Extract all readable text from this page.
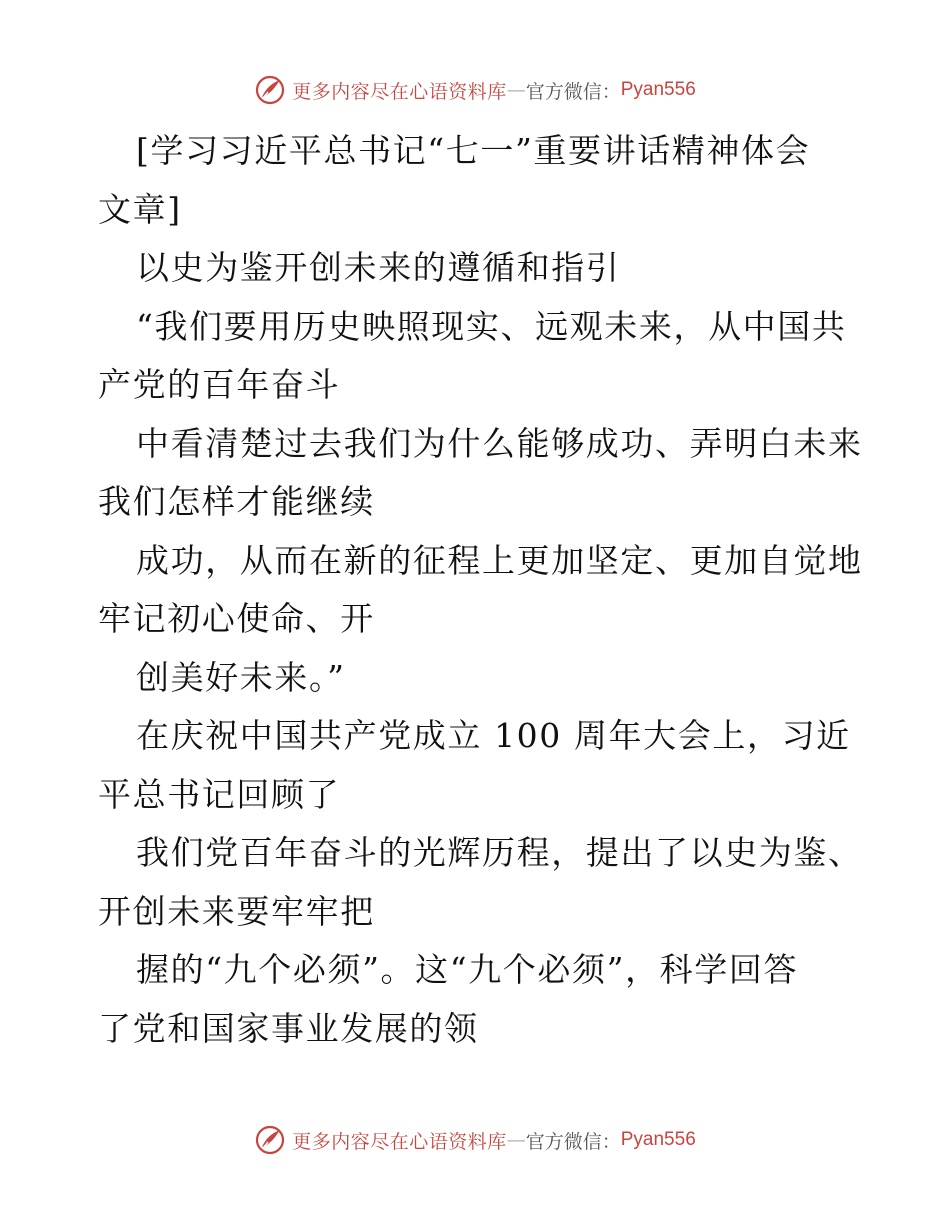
更多内容尽在心语资料库 — 官方微信： Pyan556

[学习习近平总书记“七一”重要讲话精神体会
文章]

以史为鉴开创未来的遵循和指引

“我们要用历史映照现实、远观未来，从中国共
产党的百年奋斗

中看清楚过去我们为什么能够成功、弄明白未来
我们怎样才能继续

成功，从而在新的征程上更加坚定、更加自觉地
牢记初心使命、开

创美好未来。”

在庆祝中国共产党成立 100 周年大会上，习近
平总书记回顾了

我们党百年奋斗的光辉历程，提出了以史为鉴、
开创未来要牢牢把

握的“九个必须”。这“九个必须”，科学回答
了党和国家事业发展的领

更多内容尽在心语资料库 — 官方微信： Pyan556
